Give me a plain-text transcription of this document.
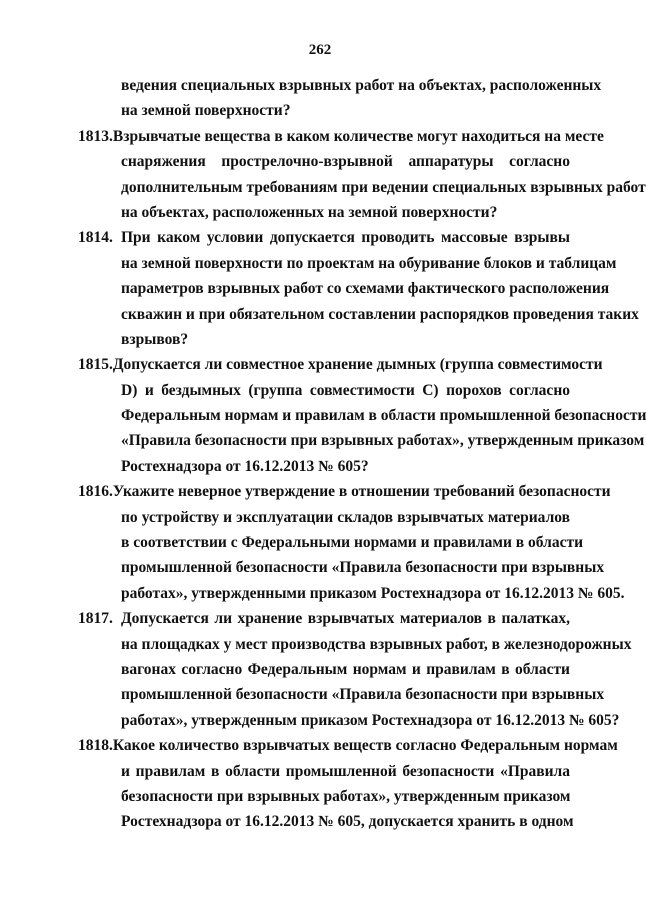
262
ведения специальных взрывных работ на объектах, расположенных
на земной поверхности?
1813. Взрывчатые вещества в каком количестве могут находиться на месте
снаряжения прострелочно-взрывной аппаратуры согласно
дополнительным требованиям при ведении специальных взрывных работ
на объектах, расположенных на земной поверхности?
1814. При каком условии допускается проводить массовые взрывы
на земной поверхности по проектам на обуривание блоков и таблицам
параметров взрывных работ со схемами фактического расположения
скважин и при обязательном составлении распорядков проведения таких
взрывов?
1815. Допускается ли совместное хранение дымных (группа совместимости
D) и бездымных (группа совместимости С) порохов согласно
Федеральным нормам и правилам в области промышленной безопасности
«Правила безопасности при взрывных работах», утвержденным приказом
Ростехнадзора от 16.12.2013 № 605?
1816. Укажите неверное утверждение в отношении требований безопасности
по устройству и эксплуатации складов взрывчатых материалов
в соответствии с Федеральными нормами и правилами в области
промышленной безопасности «Правила безопасности при взрывных
работах», утвержденными приказом Ростехнадзора от 16.12.2013 № 605.
1817. Допускается ли хранение взрывчатых материалов в палатках,
на площадках у мест производства взрывных работ, в железнодорожных
вагонах согласно Федеральным нормам и правилам в области
промышленной безопасности «Правила безопасности при взрывных
работах», утвержденным приказом Ростехнадзора от 16.12.2013 № 605?
1818. Какое количество взрывчатых веществ согласно Федеральным нормам
и правилам в области промышленной безопасности «Правила
безопасности при взрывных работах», утвержденным приказом
Ростехнадзора от 16.12.2013 № 605, допускается хранить в одном
